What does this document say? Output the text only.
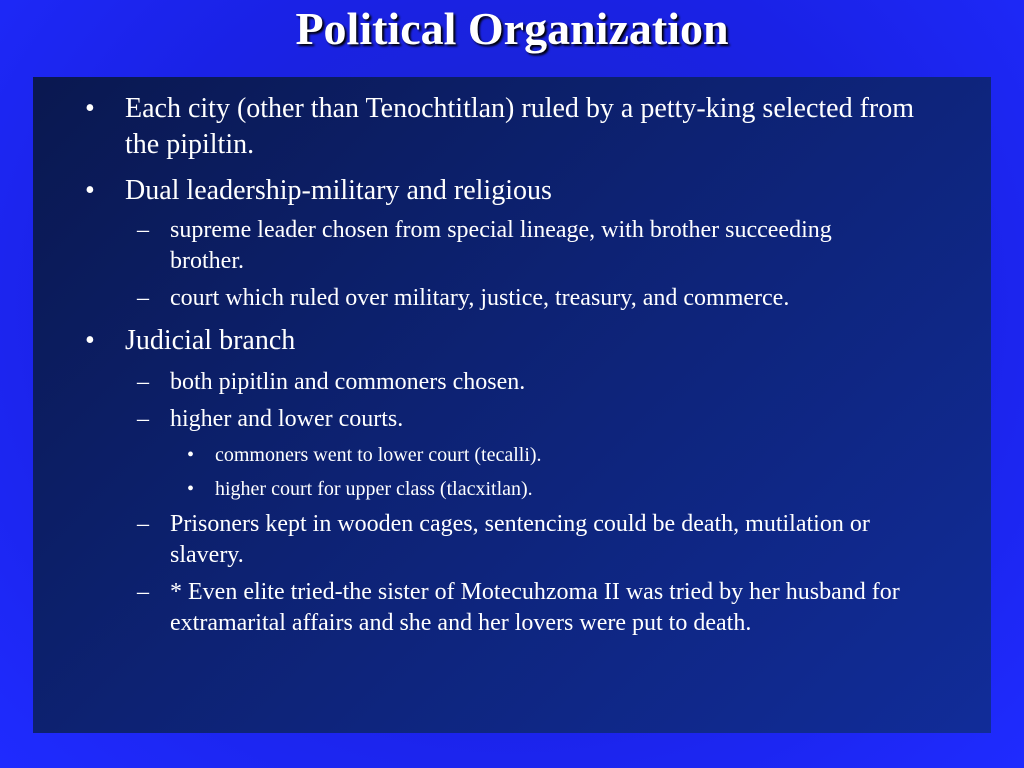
Political Organization
• Each city (other than Tenochtitlan) ruled by a petty-king selected from the pipiltin.
• Dual leadership-military and religious
– supreme leader chosen from special lineage, with brother succeeding brother.
– court which ruled over military, justice, treasury, and commerce.
• Judicial branch
– both pipitlin and commoners chosen.
– higher and lower courts.
• commoners went to lower court (tecalli).
• higher court for upper class (tlacxitlan).
– Prisoners kept in wooden cages, sentencing could be death, mutilation or slavery.
– * Even elite tried-the sister of Motecuhzoma II was tried by her husband for extramarital affairs and she and her lovers were put to death.
